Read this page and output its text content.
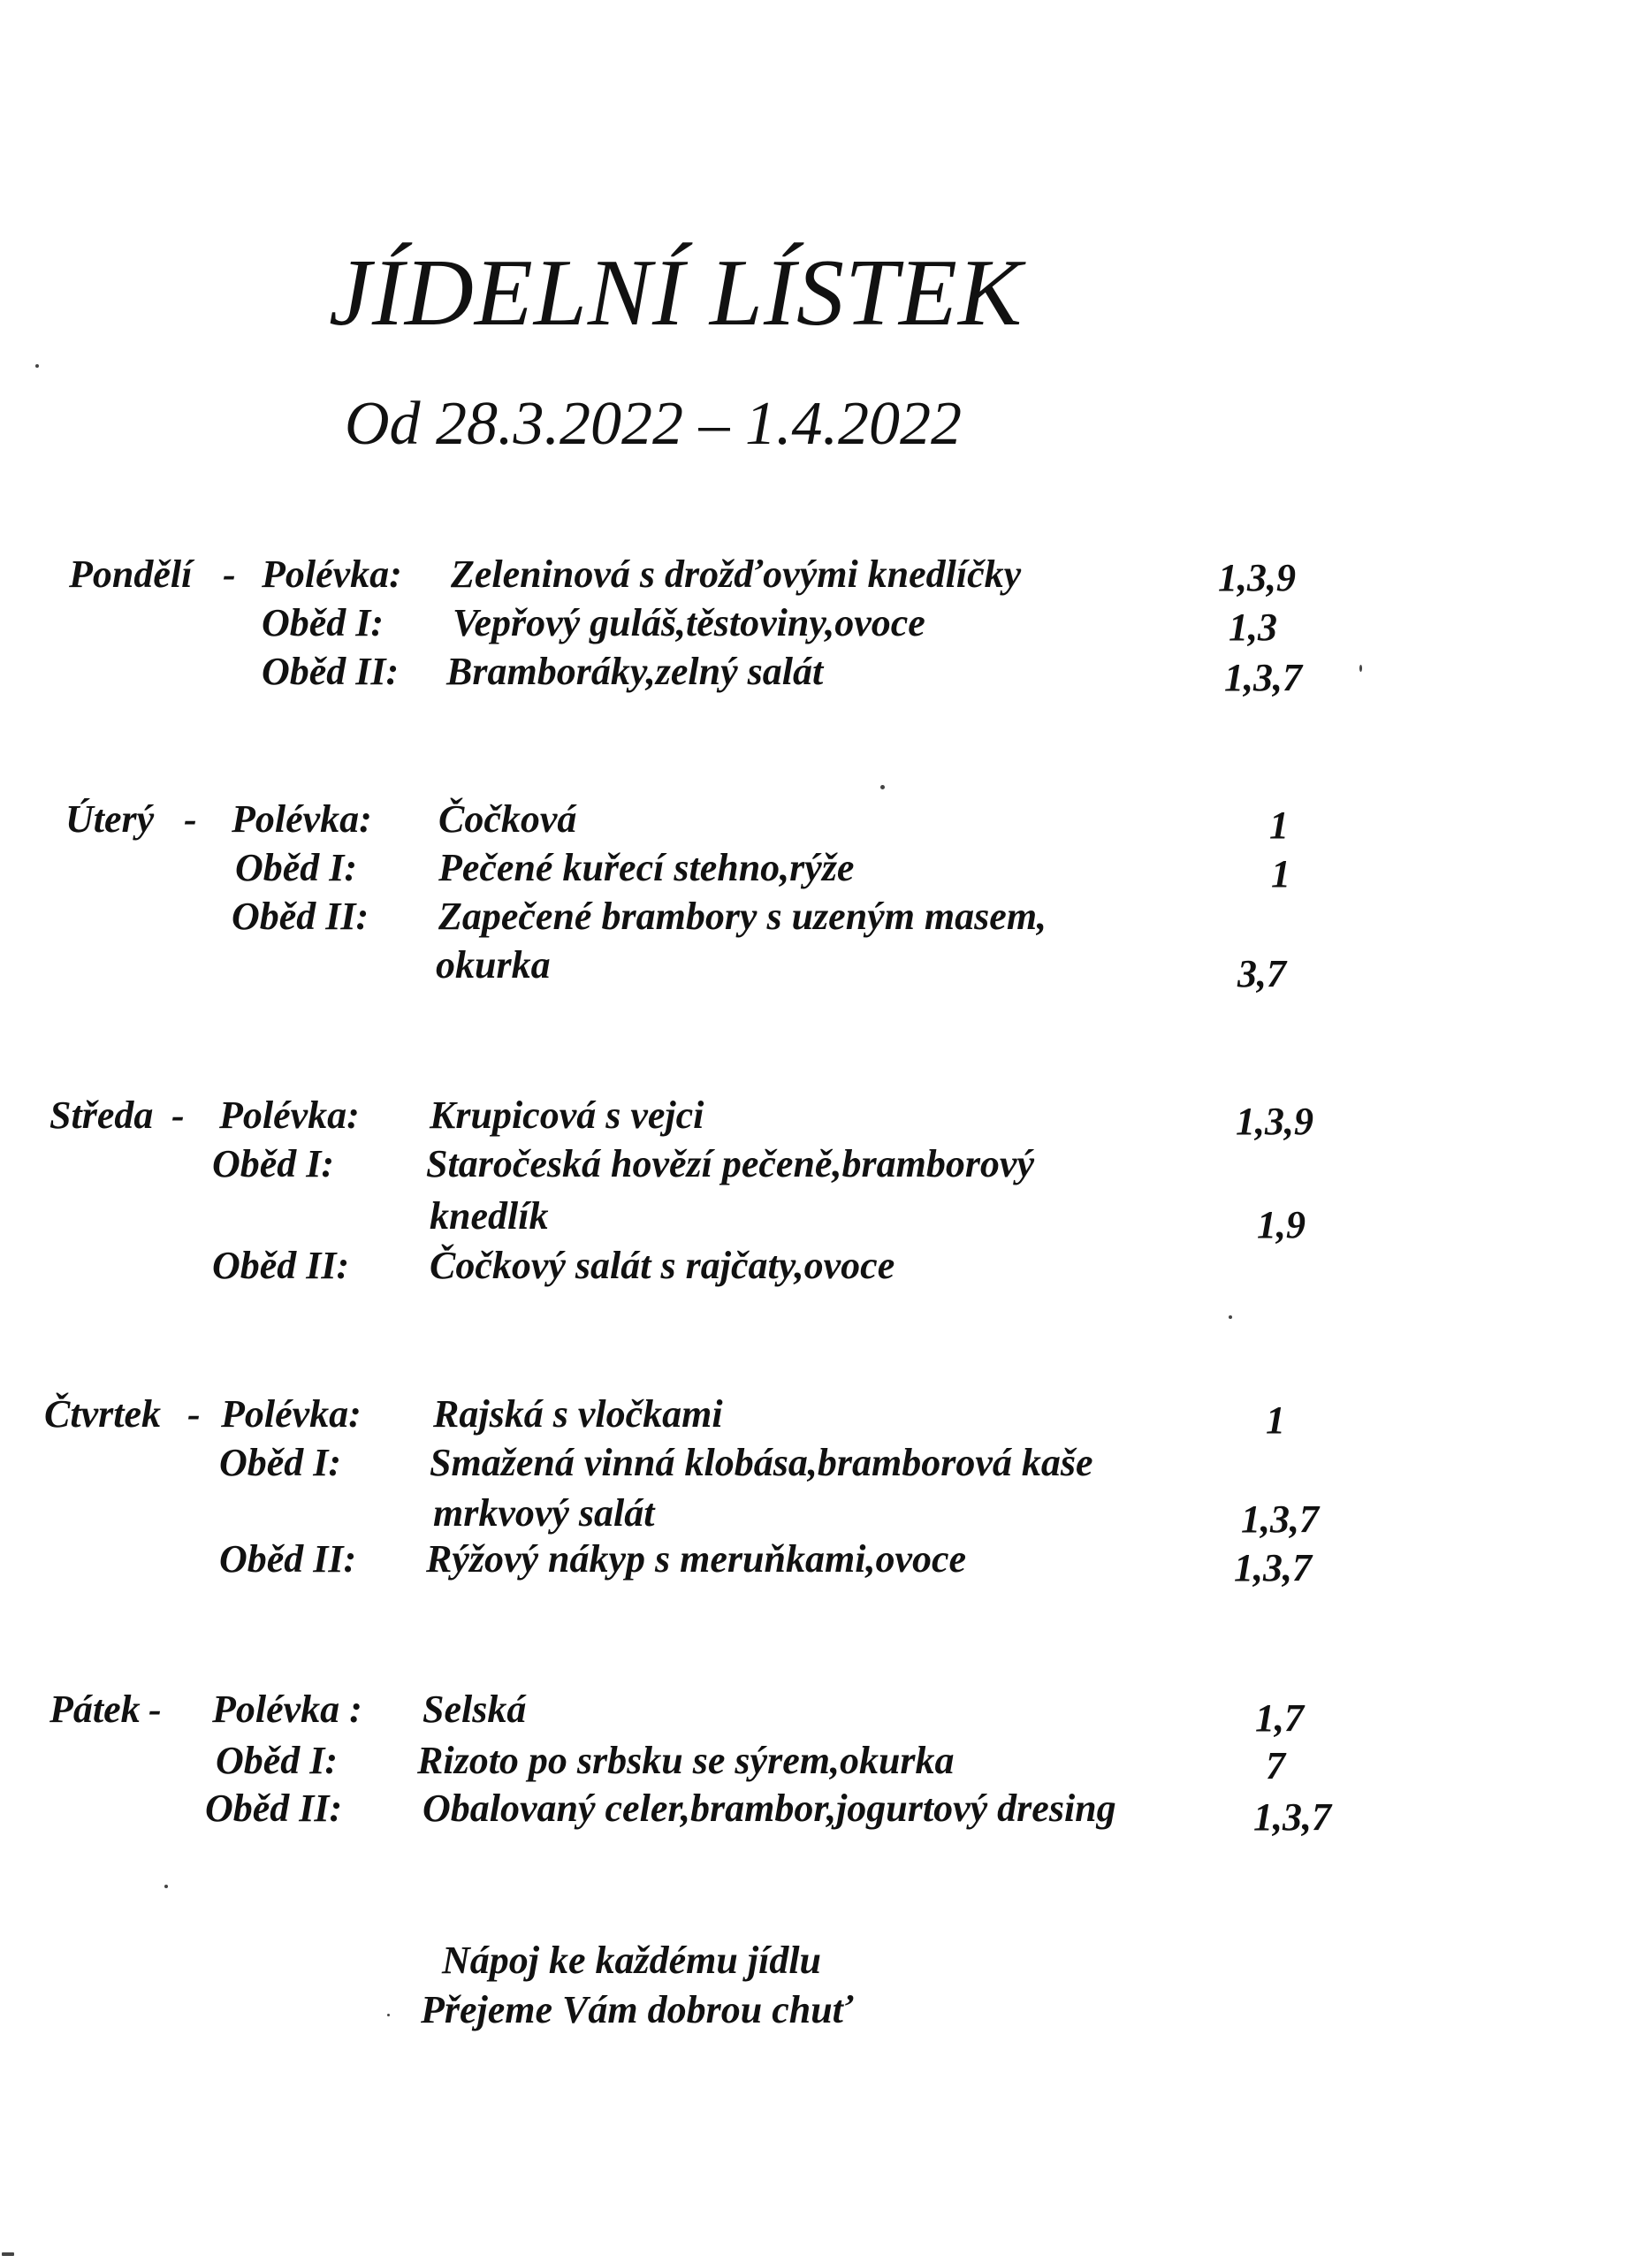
JÍDELNÍ LÍSTEK
Od 28.3.2022 – 1.4.2022
Pondělí - Polévka: Zeleninová s drožďovými knedlíčky	1,3,9
Oběd I: Vepřový guláš,těstoviny,ovoce	1,3
Oběd II: Bramboráky,zelný salát	1,3,7
Úterý - Polévka: Čočková	1
Oběd I: Pečené kuřecí stehno,rýže	1
Oběd II: Zapečené brambory s uzeným masem,
okurka	3,7
Středa - Polévka: Krupicová s vejci	1,3,9
Oběd I: Staročeská hovězí pečeně,bramborový
knedlík	1,9
Oběd II: Čočkový salát s rajčaty,ovoce
Čtvrtek - Polévka: Rajská s vločkami	1
Oběd I: Smažená vinná klobása,bramborová kaše
mrkvový salát	1,3,7
Oběd II: Rýžový nákyp s meruňkami,ovoce	1,3,7
Pátek - Polévka : Selská	1,7
Oběd I: Rizoto po srbsku se sýrem,okurka	7
Oběd II: Obalovaný celer,brambor,jogurtový dresing	1,3,7
Nápoj ke každému jídlu
Přejeme Vám dobrou chuť
